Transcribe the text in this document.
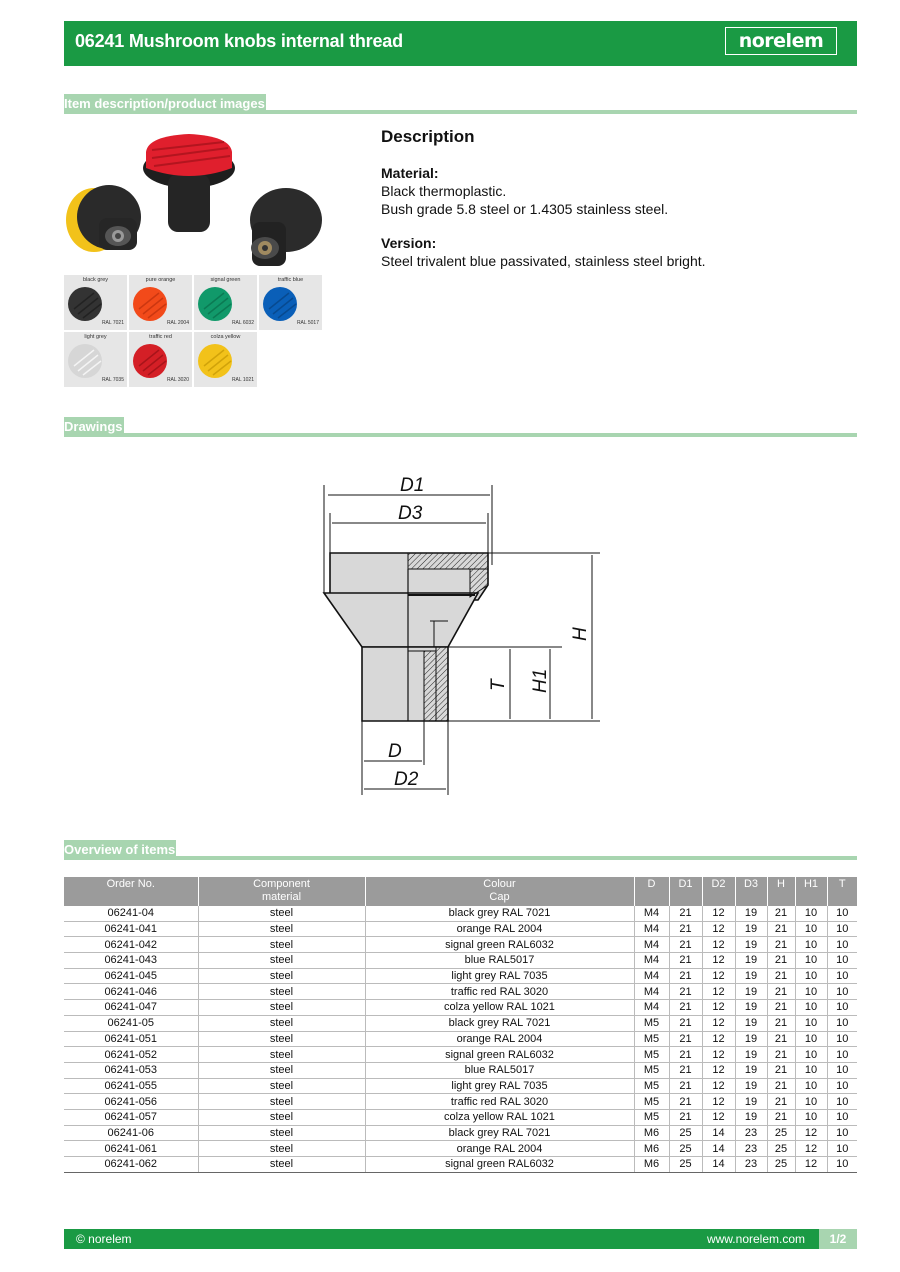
06241 Mushroom knobs internal thread	norelem
Item description/product images
black grey
RAL 7021
pure orange
RAL 2004
signal green
RAL 6032
traffic blue
RAL 5017
light grey
RAL 7035
traffic red
RAL 3020
colza yellow
RAL 1021
Description

Material:

Black thermoplastic.

Bush grade 5.8 steel or 1.4305 stainless steel.

Version:

Steel trivalent blue passivated, stainless steel bright.

Drawings
D1
D3
H
H1
T
D
D2
Overview of items
Order No.	Component
material	Colour
Cap	D	D1	D2	D3	H	H1	T
06241-04	steel	black grey RAL 7021	M4	21	12	19	21	10	10
06241-041	steel	orange RAL 2004	M4	21	12	19	21	10	10
06241-042	steel	signal green RAL6032	M4	21	12	19	21	10	10
06241-043	steel	blue RAL5017	M4	21	12	19	21	10	10
06241-045	steel	light grey RAL 7035	M4	21	12	19	21	10	10
06241-046	steel	traffic red RAL 3020	M4	21	12	19	21	10	10
06241-047	steel	colza yellow RAL 1021	M4	21	12	19	21	10	10
06241-05	steel	black grey RAL 7021	M5	21	12	19	21	10	10
06241-051	steel	orange RAL 2004	M5	21	12	19	21	10	10
06241-052	steel	signal green RAL6032	M5	21	12	19	21	10	10
06241-053	steel	blue RAL5017	M5	21	12	19	21	10	10
06241-055	steel	light grey RAL 7035	M5	21	12	19	21	10	10
06241-056	steel	traffic red RAL 3020	M5	21	12	19	21	10	10
06241-057	steel	colza yellow RAL 1021	M5	21	12	19	21	10	10
06241-06	steel	black grey RAL 7021	M6	25	14	23	25	12	10
06241-061	steel	orange RAL 2004	M6	25	14	23	25	12	10
06241-062	steel	signal green RAL6032	M6	25	14	23	25	12	10
© norelem	www.norelem.com	1/2
